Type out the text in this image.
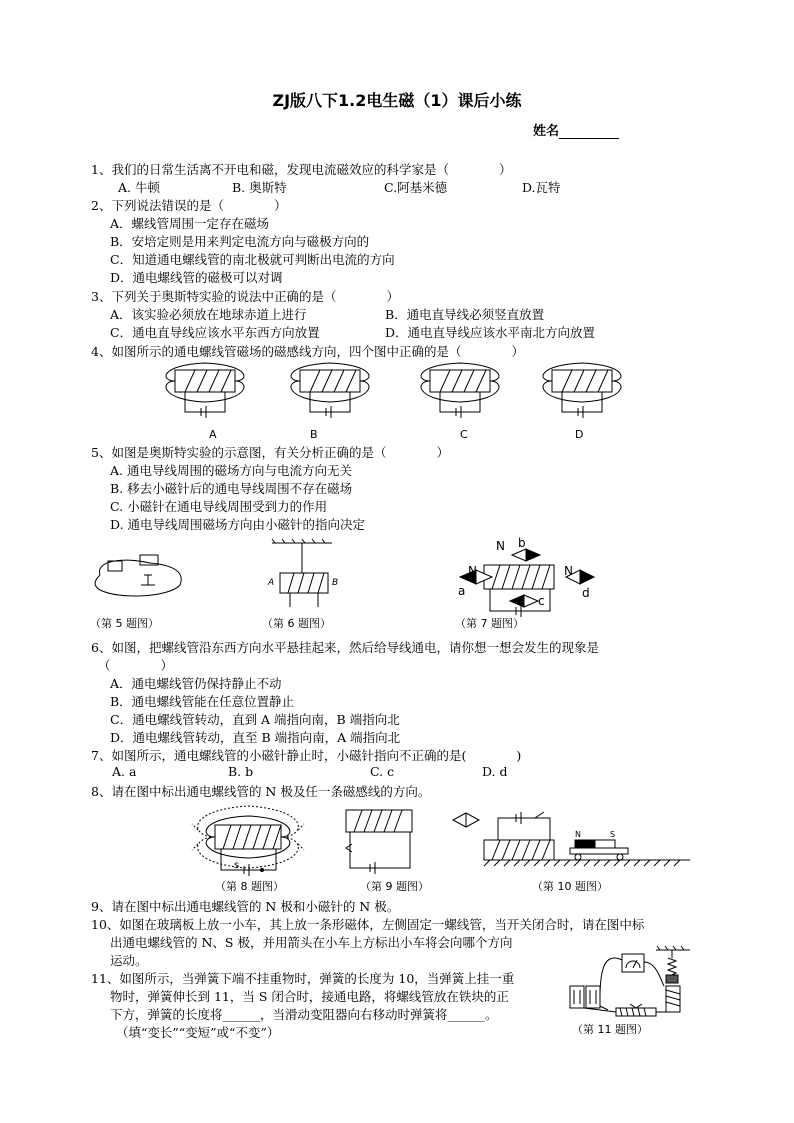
ZJ版八下1.2电生磁（1）课后小练
姓名
1、我们的日常生活离不开电和磁，发现电流磁效应的科学家是（　　　　）
A. 牛顿	B. 奥斯特	C.阿基米德	D.瓦特
2、下列说法错误的是（　　　　）
A．螺线管周围一定存在磁场
B．安培定则是用来判定电流方向与磁极方向的
C．知道通电螺线管的南北极就可判断出电流的方向
D．通电螺线管的磁极可以对调
3、下列关于奥斯特实验的说法中正确的是（　　　　）
A．该实验必须放在地球赤道上进行	B．通电直导线必须竖直放置
C．通电直导线应该水平东西方向放置	D．通电直导线应该水平南北方向放置
4、如图所示的通电螺线管磁场的磁感线方向，四个图中正确的是（　　　　）
A	B	C	D
5、如图是奥斯特实验的示意图，有关分析正确的是（　　　　）
A. 通电导线周围的磁场方向与电流方向无关
B. 移去小磁针后的通电导线周围不存在磁场
C. 小磁针在通电导线周围受到力的作用
D. 通电导线周围磁场方向由小磁针的指向决定
A	B
N
N	N
b
a
c
d
（第 5 题图）	（第 6 题图）	（第 7 题图）
6、如图，把螺线管沿东西方向水平悬挂起来，然后给导线通电，请你想一想会发生的现象是
（　　　　）
A．通电螺线管仍保持静止不动
B．通电螺线管能在任意位置静止
C．通电螺线管转动，直到 A 端指向南，B 端指向北
D．通电螺线管转动，直至 B 端指向南，A 端指向北
7、如图所示，通电螺线管的小磁针静止时，小磁针指向不正确的是(　　　　)
A. a	B. b	C. c	D. d
8、请在图中标出通电螺线管的 N 极及任一条磁感线的方向。
s
N	S
（第 8 题图）	（第 9 题图）	（第 10 题图）
9、请在图中标出通电螺线管的 N 极和小磁针的 N 极。
10、如图在玻璃板上放一小车，其上放一条形磁体，左侧固定一螺线管，当开关闭合时，请在图中标
出通电螺线管的 N、S 极，并用箭头在小车上方标出小车将会向哪个方向
运动。
11、如图所示，当弹簧下端不挂重物时，弹簧的长度为 10，当弹簧上挂一重
物时，弹簧伸长到 11，当 S 闭合时，接通电路，将螺线管放在铁块的正
下方，弹簧的长度将______，当滑动变阻器向右移动时弹簧将______。
（填“变长”“变短”或“不变”）	（第 11 题图）
